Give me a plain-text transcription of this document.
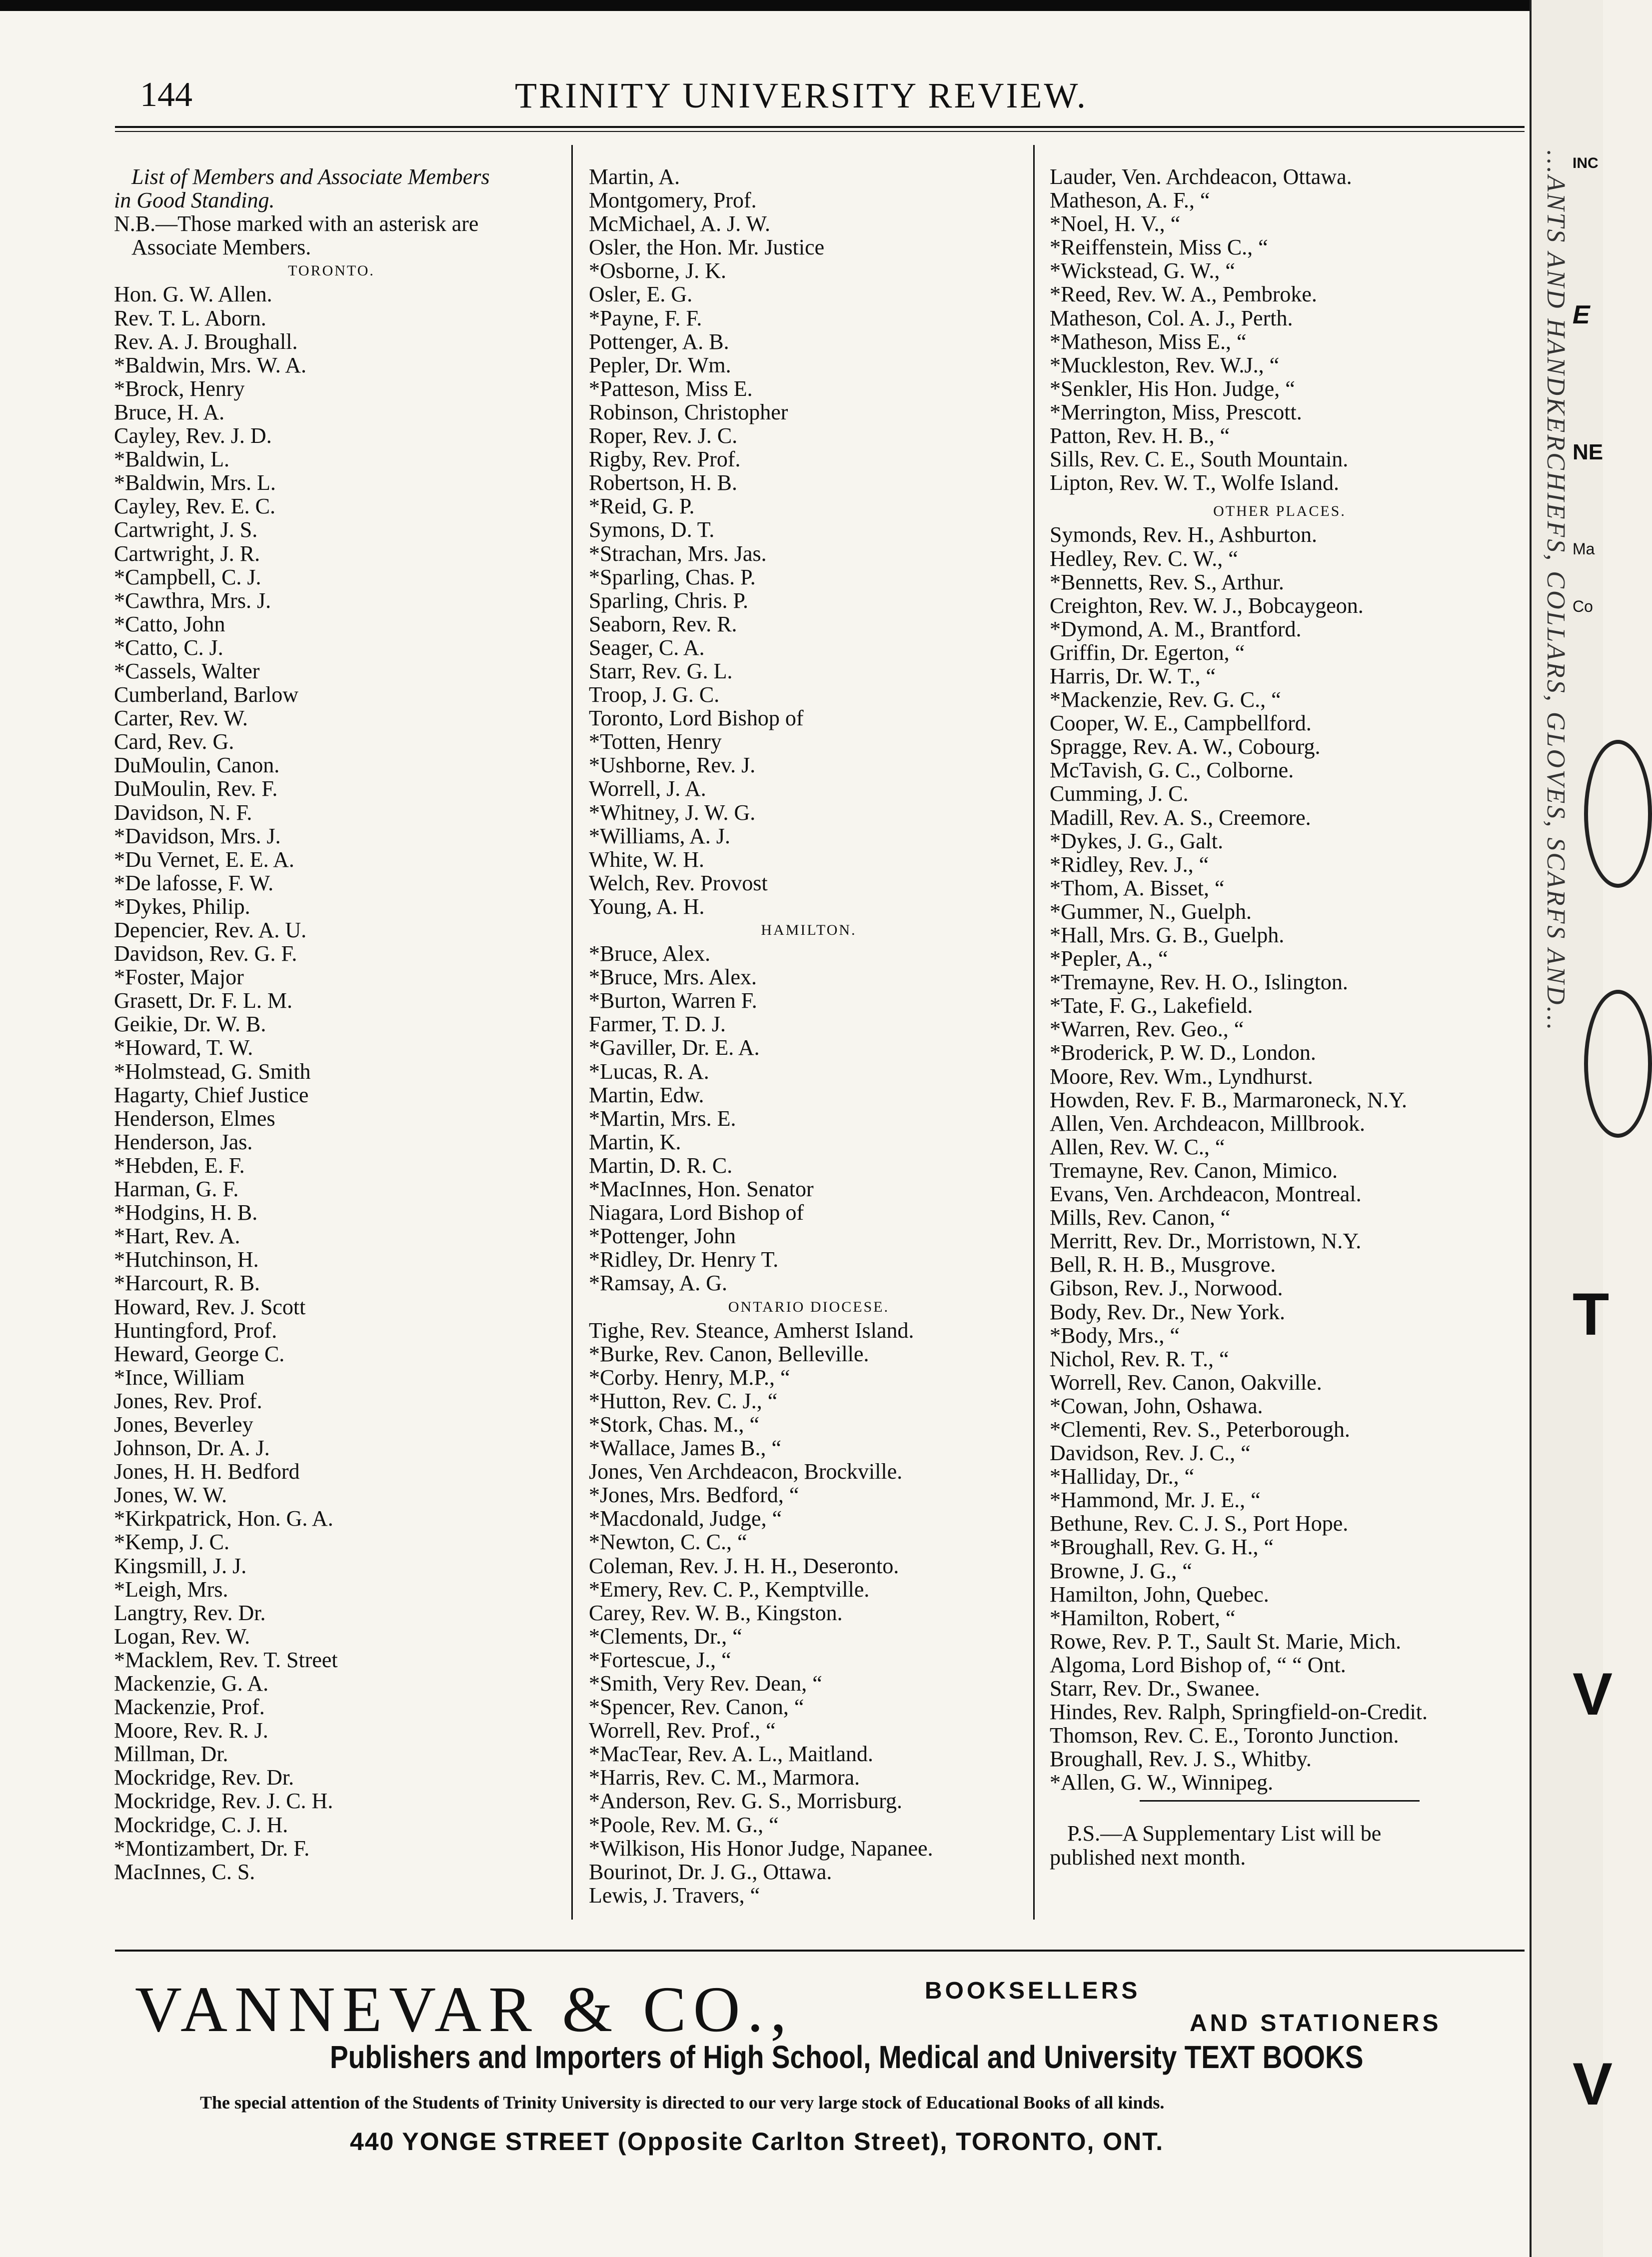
144	TRINITY UNIVERSITY REVIEW.
List of Members and Associate Members
in Good Standing.
N.B.—Those marked with an asterisk are
Associate Members.
TORONTO.
Hon. G. W. Allen.
Rev. T. L. Aborn.
Rev. A. J. Broughall.
*Baldwin, Mrs. W. A.
*Brock, Henry
Bruce, H. A.
Cayley, Rev. J. D.
*Baldwin, L.
*Baldwin, Mrs. L.
Cayley, Rev. E. C.
Cartwright, J. S.
Cartwright, J. R.
*Campbell, C. J.
*Cawthra, Mrs. J.
*Catto, John
*Catto, C. J.
*Cassels, Walter
Cumberland, Barlow
Carter, Rev. W.
Card, Rev. G.
DuMoulin, Canon.
DuMoulin, Rev. F.
Davidson, N. F.
*Davidson, Mrs. J.
*Du Vernet, E. E. A.
*De lafosse, F. W.
*Dykes, Philip.
Depencier, Rev. A. U.
Davidson, Rev. G. F.
*Foster, Major
Grasett, Dr. F. L. M.
Geikie, Dr. W. B.
*Howard, T. W.
*Holmstead, G. Smith
Hagarty, Chief Justice
Henderson, Elmes
Henderson, Jas.
*Hebden, E. F.
Harman, G. F.
*Hodgins, H. B.
*Hart, Rev. A.
*Hutchinson, H.
*Harcourt, R. B.
Howard, Rev. J. Scott
Huntingford, Prof.
Heward, George C.
*Ince, William
Jones, Rev. Prof.
Jones, Beverley
Johnson, Dr. A. J.
Jones, H. H. Bedford
Jones, W. W.
*Kirkpatrick, Hon. G. A.
*Kemp, J. C.
Kingsmill, J. J.
*Leigh, Mrs.
Langtry, Rev. Dr.
Logan, Rev. W.
*Macklem, Rev. T. Street
Mackenzie, G. A.
Mackenzie, Prof.
Moore, Rev. R. J.
Millman, Dr.
Mockridge, Rev. Dr.
Mockridge, Rev. J. C. H.
Mockridge, C. J. H.
*Montizambert, Dr. F.
MacInnes, C. S.
Martin, A.
Montgomery, Prof.
McMichael, A. J. W.
Osler, the Hon. Mr. Justice
*Osborne, J. K.
Osler, E. G.
*Payne, F. F.
Pottenger, A. B.
Pepler, Dr. Wm.
*Patteson, Miss E.
Robinson, Christopher
Roper, Rev. J. C.
Rigby, Rev. Prof.
Robertson, H. B.
*Reid, G. P.
Symons, D. T.
*Strachan, Mrs. Jas.
*Sparling, Chas. P.
Sparling, Chris. P.
Seaborn, Rev. R.
Seager, C. A.
Starr, Rev. G. L.
Troop, J. G. C.
Toronto, Lord Bishop of
*Totten, Henry
*Ushborne, Rev. J.
Worrell, J. A.
*Whitney, J. W. G.
*Williams, A. J.
White, W. H.
Welch, Rev. Provost
Young, A. H.
HAMILTON.
*Bruce, Alex.
*Bruce, Mrs. Alex.
*Burton, Warren F.
Farmer, T. D. J.
*Gaviller, Dr. E. A.
*Lucas, R. A.
Martin, Edw.
*Martin, Mrs. E.
Martin, K.
Martin, D. R. C.
*MacInnes, Hon. Senator
Niagara, Lord Bishop of
*Pottenger, John
*Ridley, Dr. Henry T.
*Ramsay, A. G.
ONTARIO DIOCESE.
Tighe, Rev. Steance, Amherst Island.
*Burke, Rev. Canon, Belleville.
*Corby. Henry, M.P., “
*Hutton, Rev. C. J., “
*Stork, Chas. M., “
*Wallace, James B., “
Jones, Ven Archdeacon, Brockville.
*Jones, Mrs. Bedford, “
*Macdonald, Judge, “
*Newton, C. C., “
Coleman, Rev. J. H. H., Deseronto.
*Emery, Rev. C. P., Kemptville.
Carey, Rev. W. B., Kingston.
*Clements, Dr., “
*Fortescue, J., “
*Smith, Very Rev. Dean, “
*Spencer, Rev. Canon, “
Worrell, Rev. Prof., “
*MacTear, Rev. A. L., Maitland.
*Harris, Rev. C. M., Marmora.
*Anderson, Rev. G. S., Morrisburg.
*Poole, Rev. M. G., “
*Wilkison, His Honor Judge, Napanee.
Bourinot, Dr. J. G., Ottawa.
Lewis, J. Travers, “
Lauder, Ven. Archdeacon, Ottawa.
Matheson, A. F., “
*Noel, H. V., “
*Reiffenstein, Miss C., “
*Wickstead, G. W., “
*Reed, Rev. W. A., Pembroke.
Matheson, Col. A. J., Perth.
*Matheson, Miss E., “
*Muckleston, Rev. W.J., “
*Senkler, His Hon. Judge, “
*Merrington, Miss, Prescott.
Patton, Rev. H. B., “
Sills, Rev. C. E., South Mountain.
Lipton, Rev. W. T., Wolfe Island.
OTHER PLACES.
Symonds, Rev. H., Ashburton.
Hedley, Rev. C. W., “
*Bennetts, Rev. S., Arthur.
Creighton, Rev. W. J., Bobcaygeon.
*Dymond, A. M., Brantford.
Griffin, Dr. Egerton, “
Harris, Dr. W. T., “
*Mackenzie, Rev. G. C., “
Cooper, W. E., Campbellford.
Spragge, Rev. A. W., Cobourg.
McTavish, G. C., Colborne.
Cumming, J. C.
Madill, Rev. A. S., Creemore.
*Dykes, J. G., Galt.
*Ridley, Rev. J., “
*Thom, A. Bisset, “
*Gummer, N., Guelph.
*Hall, Mrs. G. B., Guelph.
*Pepler, A., “
*Tremayne, Rev. H. O., Islington.
*Tate, F. G., Lakefield.
*Warren, Rev. Geo., “
*Broderick, P. W. D., London.
Moore, Rev. Wm., Lyndhurst.
Howden, Rev. F. B., Marmaroneck, N.Y.
Allen, Ven. Archdeacon, Millbrook.
Allen, Rev. W. C., “
Tremayne, Rev. Canon, Mimico.
Evans, Ven. Archdeacon, Montreal.
Mills, Rev. Canon, “
Merritt, Rev. Dr., Morristown, N.Y.
Bell, R. H. B., Musgrove.
Gibson, Rev. J., Norwood.
Body, Rev. Dr., New York.
*Body, Mrs., “
Nichol, Rev. R. T., “
Worrell, Rev. Canon, Oakville.
*Cowan, John, Oshawa.
*Clementi, Rev. S., Peterborough.
Davidson, Rev. J. C., “
*Halliday, Dr., “
*Hammond, Mr. J. E., “
Bethune, Rev. C. J. S., Port Hope.
*Broughall, Rev. G. H., “
Browne, J. G., “
Hamilton, John, Quebec.
*Hamilton, Robert, “
Rowe, Rev. P. T., Sault St. Marie, Mich.
Algoma, Lord Bishop of, “ “ Ont.
Starr, Rev. Dr., Swanee.
Hindes, Rev. Ralph, Springfield-on-Credit.
Thomson, Rev. C. E., Toronto Junction.
Broughall, Rev. J. S., Whitby.
*Allen, G. W., Winnipeg.
P.S.—A Supplementary List will be
published next month.
VANNEVAR & CO.,	BOOKSELLERS
AND STATIONERS
Publishers and Importers of High School, Medical and University TEXT BOOKS
The special attention of the Students of Trinity University is directed to our very large stock of Educational Books of all kinds.
440 YONGE STREET (Opposite Carlton Street), TORONTO, ONT.
INC
E
NE
Ma
Co
T
V
V
...ANTS AND HANDKERCHIEFS, COLLARS, GLOVES, SCARFS AND...
